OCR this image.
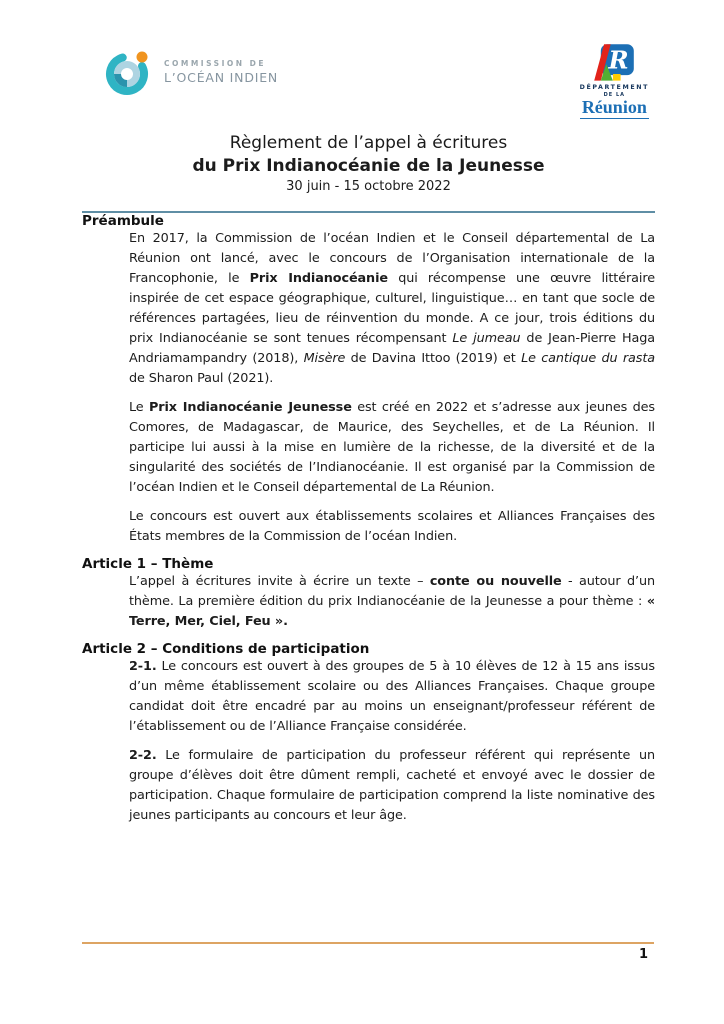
COMMISSION DE
L’OCÉAN INDIEN
R
DÉPARTEMENT
DE LA
Réunion
Règlement de l’appel à écritures
du Prix Indianocéanie de la Jeunesse
30 juin - 15 octobre 2022
Préambule

En 2017, la Commission de l’océan Indien et le Conseil départemental de La Réunion ont lancé, avec le concours de l’Organisation internationale de la Francophonie, le Prix Indianocéanie qui récompense une œuvre littéraire inspirée de cet espace géographique, culturel, linguistique… en tant que socle de références partagées, lieu de réinvention du monde. A ce jour, trois éditions du prix Indianocéanie se sont tenues récompensant Le jumeau de Jean-Pierre Haga Andriamampandry (2018), Misère de Davina Ittoo (2019) et Le cantique du rasta de Sharon Paul (2021).

Le Prix Indianocéanie Jeunesse est créé en 2022 et s’adresse aux jeunes des Comores, de Madagascar, de Maurice, des Seychelles, et de La Réunion. Il participe lui aussi à la mise en lumière de la richesse, de la diversité et de la singularité des sociétés de l’Indianocéanie. Il est organisé par la Commission de l’océan Indien et le Conseil départemental de La Réunion.

Le concours est ouvert aux établissements scolaires et Alliances Françaises des États membres de la Commission de l’océan Indien.

Article 1 – Thème

L’appel à écritures invite à écrire un texte – conte ou nouvelle - autour d’un thème. La première édition du prix Indianocéanie de la Jeunesse a pour thème : « Terre, Mer, Ciel, Feu ».

Article 2 – Conditions de participation

2-1. Le concours est ouvert à des groupes de 5 à 10 élèves de 12 à 15 ans issus d’un même établissement scolaire ou des Alliances Françaises. Chaque groupe candidat doit être encadré par au moins un enseignant/professeur référent de l’établissement ou de l’Alliance Française considérée.

2-2. Le formulaire de participation du professeur référent qui représente un groupe d’élèves doit être dûment rempli, cacheté et envoyé avec le dossier de participation. Chaque formulaire de participation comprend la liste nominative des jeunes participants au concours et leur âge.

1
